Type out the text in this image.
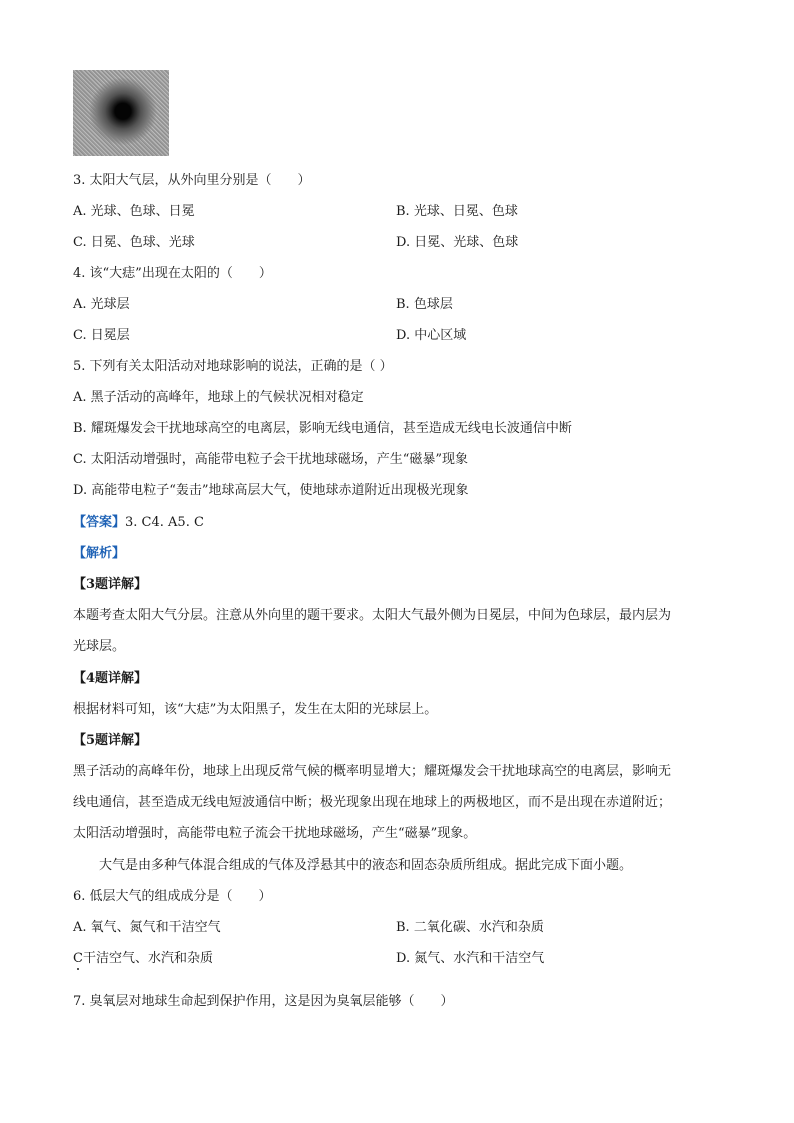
3. 太阳大气层，从外向里分别是（　　）
A. 光球、色球、日冕	B. 光球、日冕、色球
C. 日冕、色球、光球	D. 日冕、光球、色球
4. 该“大痣”出现在太阳的（　　）
A. 光球层	B. 色球层
C. 日冕层	D. 中心区域
5. 下列有关太阳活动对地球影响的说法，正确的是（ ）
A. 黑子活动的高峰年，地球上的气候状况相对稳定
B. 耀斑爆发会干扰地球高空的电离层，影响无线电通信，甚至造成无线电长波通信中断
C. 太阳活动增强时，高能带电粒子会干扰地球磁场，产生“磁暴”现象
D. 高能带电粒子“轰击”地球高层大气，使地球赤道附近出现极光现象
【答案】3. C4. A5. C
【解析】
【3题详解】
本题考查太阳大气分层。注意从外向里的题干要求。太阳大气最外侧为日冕层，中间为色球层，最内层为
光球层。
【4题详解】
根据材料可知，该“大痣”为太阳黑子，发生在太阳的光球层上。
【5题详解】
黑子活动的高峰年份，地球上出现反常气候的概率明显增大；耀斑爆发会干扰地球高空的电离层，影响无
线电通信，甚至造成无线电短波通信中断；极光现象出现在地球上的两极地区，而不是出现在赤道附近；
太阳活动增强时，高能带电粒子流会干扰地球磁场，产生“磁暴”现象。
大气是由多种气体混合组成的气体及浮悬其中的液态和固态杂质所组成。据此完成下面小题。
6. 低层大气的组成成分是（　　）
A. 氧气、氮气和干洁空气	B. 二氧化碳、水汽和杂质
C干洁空气、水汽和杂质	D. 氮气、水汽和干洁空气
7. 臭氧层对地球生命起到保护作用，这是因为臭氧层能够（　　）
